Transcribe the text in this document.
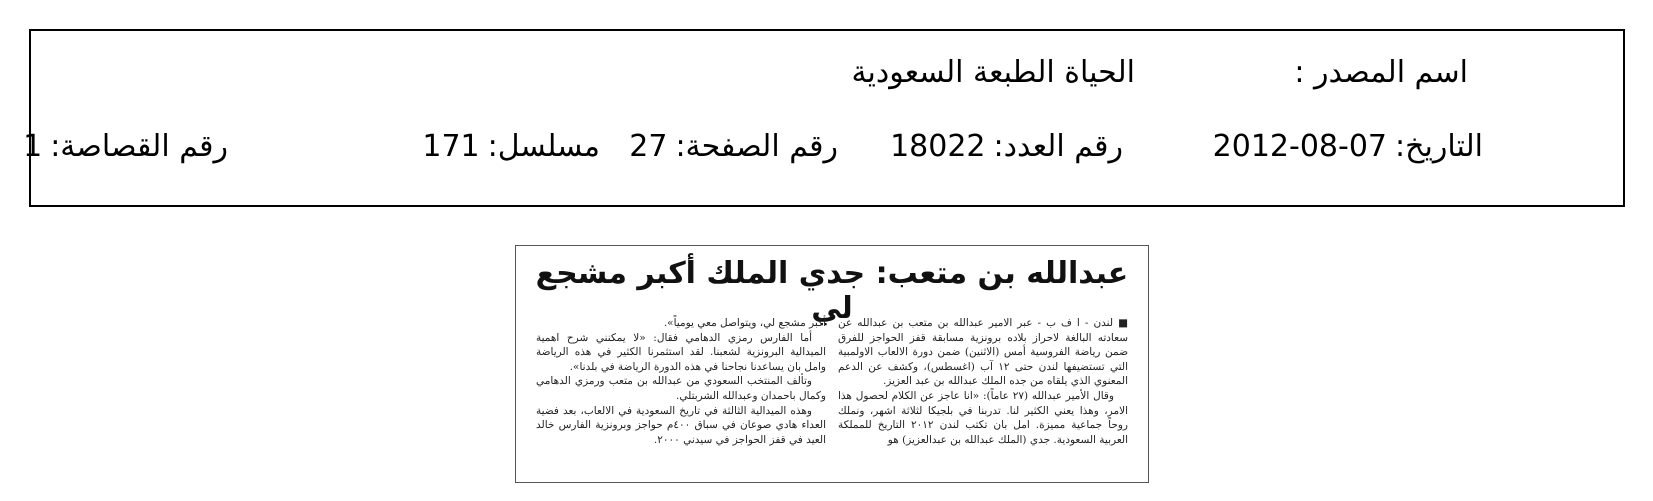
اسم المصدر :
الحياة الطبعة السعودية
التاريخ:2012-08-07
رقم العدد:18022
رقم الصفحة:27
مسلسل:171
رقم القصاصة:1
عبدالله بن متعب: جدي الملك أكبر مشجع لي

■ لندن - ا ف ب - عبر الامير عبدالله بن متعب بن عبدالله عن سعادته البالغة لاحراز بلاده برونزية مسابقة قفز الحواجز للفرق ضمن رياضة الفروسية أمس (الاثنين) ضمن دورة الالعاب الاولمبية التي تستضيفها لندن حتى ١٢ آب (اغسطس)، وكشف عن الدعم المعنوي الذي يلقاه من جده الملك عبدالله بن عبد العزيز.

وقال الأمير عبدالله (٢٧ عاماً): «انا عاجز عن الكلام لحصول هذا الامر، وهذا يعني الكثير لنا. تدربنا في بلجيكا لثلاثة اشهر، ونملك روحاً جماعية مميزة. امل بان تكتب لندن ٢٠١٢ التاريخ للمملكة العربية السعودية. جدي (الملك عبدالله بن عبدالعزيز) هو

أكبر مشجع لي، ويتواصل معي يومياً».

أما الفارس رمزي الدهامي فقال: «لا يمكنني شرح اهمية الميدالية البرونزية لشعبنا. لقد استثمرنا الكثير في هذه الرياضة وامل بان يساعدنا نجاحنا في هذه الدورة الرياضة في بلدنا».

وتألف المنتخب السعودي من عبدالله بن متعب ورمزي الدهامي وكمال باحمدان وعبدالله الشربتلي.

وهذه الميدالية الثالثة في تاريخ السعودية في الالعاب، بعد فضية العداء هادي صوعان في سباق ٤٠٠م حواجز وبرونزية الفارس خالد العيد في قفز الحواجز في سيدني ٢٠٠٠.
